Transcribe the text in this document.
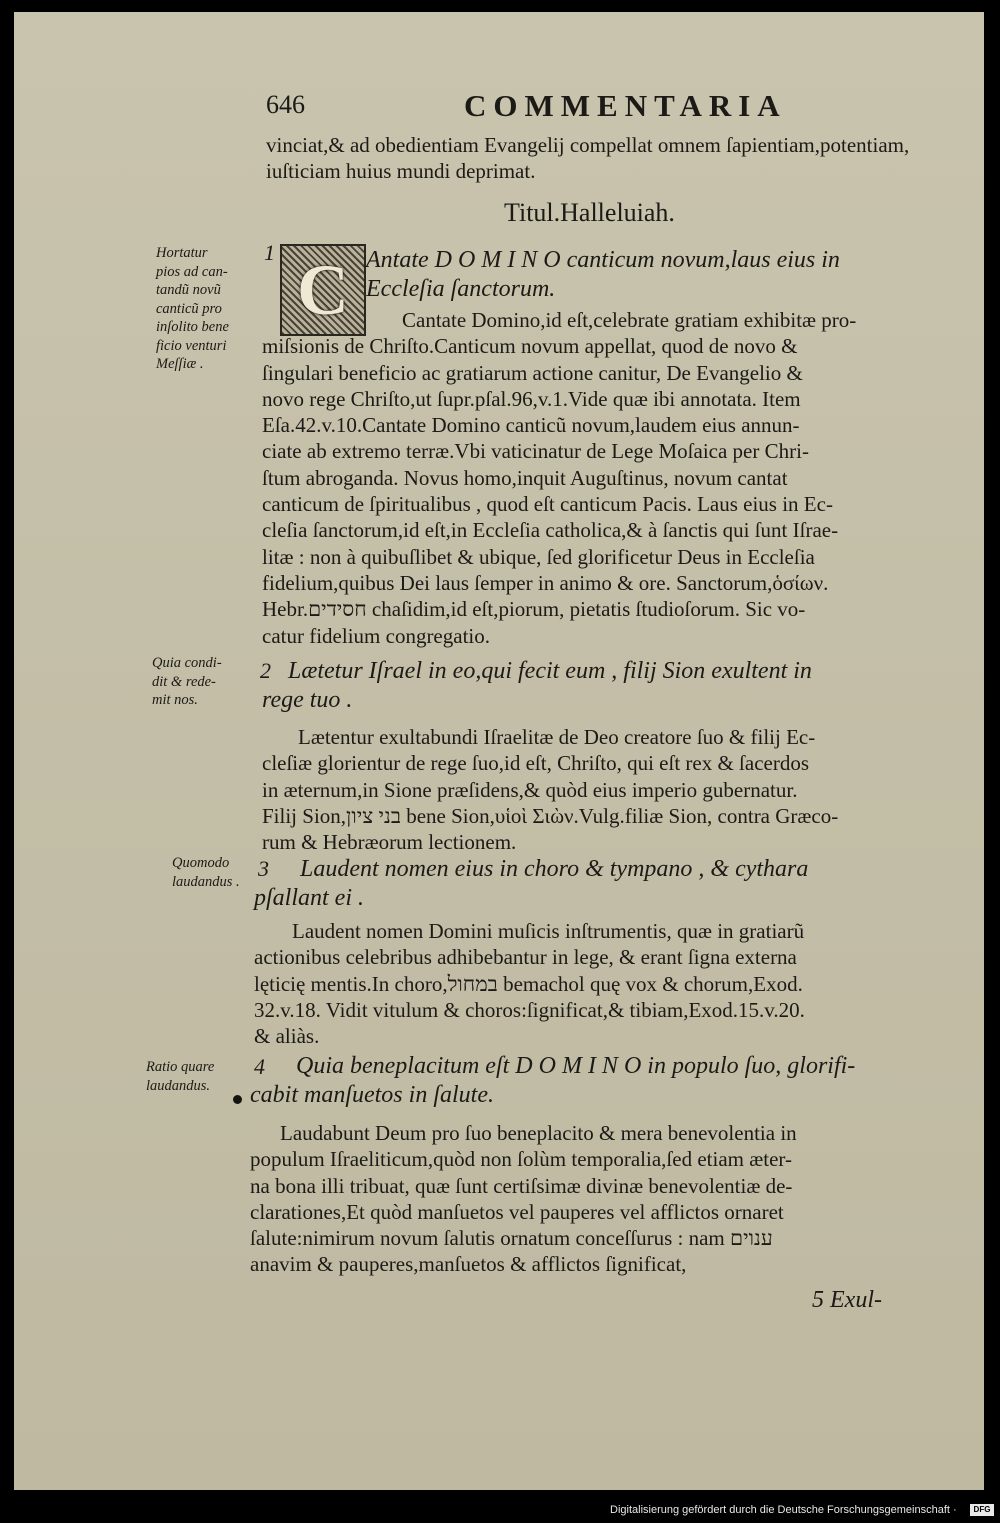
646	COMMENTARIA
vinciat,& ad obedientiam Evangelij compellat omnem ſapientiam,potentiam,
iuſticiam huius mundi deprimat.
Titul.Halleluiah.
Hortatur
pios ad can-
tandũ novũ
canticũ pro
inſolito bene
ficio venturi
Meſſiæ .
1 C Antate D O M I N O canticum novum,laus eius in
Eccleſia ſanctorum.
Cantate Domino,id eſt,celebrate gratiam exhibitæ pro-
miſsionis de Chriſto.Canticum novum appellat, quod de novo &
ſingulari beneficio ac gratiarum actione canitur, De Evangelio &
novo rege Chriſto,ut ſupr.pſal.96,v.1.Vide quæ ibi annotata. Item
Eſa.42.v.10.Cantate Domino canticũ novum,laudem eius annun-
ciate ab extremo terræ.Vbi vaticinatur de Lege Moſaica per Chri-
ſtum abroganda. Novus homo,inquit Auguſtinus, novum cantat
canticum de ſpiritualibus , quod eſt canticum Pacis. Laus eius in Ec-
cleſia ſanctorum,id eſt,in Eccleſia catholica,& à ſanctis qui ſunt Iſrae-
litæ : non à quibuſlibet & ubique, ſed glorificetur Deus in Eccleſia
fidelium,quibus Dei laus ſemper in animo & ore. Sanctorum,ὁσίων.
Hebr.חסידים chaſidim,id eſt,piorum, pietatis ſtudioſorum. Sic vo-
catur fidelium congregatio.
Quia condi-
dit & rede-
mit nos.
2 Lætetur Iſrael in eo,qui fecit eum , filij Sion exultent in
rege tuo .
Lætentur exultabundi Iſraelitæ de Deo creatore ſuo & filij Ec-
cleſiæ glorientur de rege ſuo,id eſt, Chriſto, qui eſt rex & ſacerdos
in æternum,in Sione præſidens,& quòd eius imperio gubernatur.
Filij Sion,בני ציון bene Sion,υἱοὶ Σιὼν.Vulg.filiæ Sion, contra Græco-
rum & Hebræorum lectionem.
Quomodo
laudandus .
3	Laudent nomen eius in choro & tympano , & cythara
pſallant ei .
Laudent nomen Domini muſicis inſtrumentis, quæ in gratiarũ
actionibus celebribus adhibebantur in lege, & erant ſigna externa
lęticię mentis.In choro,במחול bemachol quę vox & chorum,Exod.
32.v.18. Vidit vitulum & choros:ſignificat,& tibiam,Exod.15.v.20.
& aliàs.
Ratio quare
laudandus.
4	Quia beneplacitum eſt D O M I N O in populo ſuo, glorifi-
cabit manſuetos in ſalute.
Laudabunt Deum pro ſuo beneplacito & mera benevolentia in
populum Iſraeliticum,quòd non ſolùm temporalia,ſed etiam æter-
na bona illi tribuat, quæ ſunt certiſsimæ divinæ benevolentiæ de-
clarationes,Et quòd manſuetos vel pauperes vel afflictos ornaret
ſalute:nimirum novum ſalutis ornatum conceſſurus : nam ענוים
anavim & pauperes,manſuetos & afflictos ſignificat,
5 Exul-
Digitalisierung gefördert durch die Deutsche Forschungsgemeinschaft ·	DFG
